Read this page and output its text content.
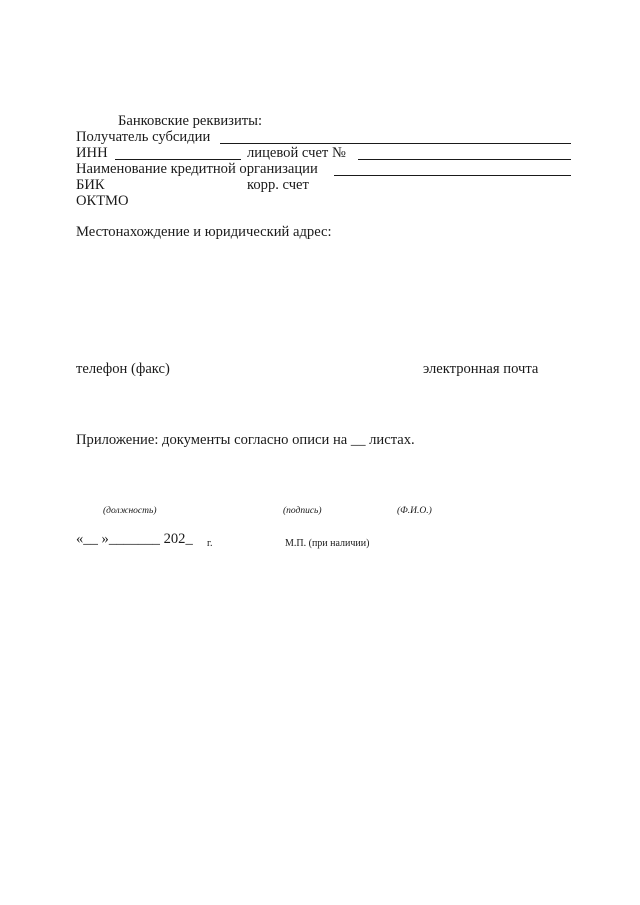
Банковские реквизиты:
Получатель субсидии
ИНН	лицевой счет №
Наименование кредитной организации
БИК	корр. счет
ОКТМО
Местонахождение и юридический адрес:
телефон (факс)	электронная почта
Приложение: документы согласно описи на __ листах.
(должность)	(подпись)	(Ф.И.О.)
«__ »_______ 202_ г.	М.П. (при наличии)
